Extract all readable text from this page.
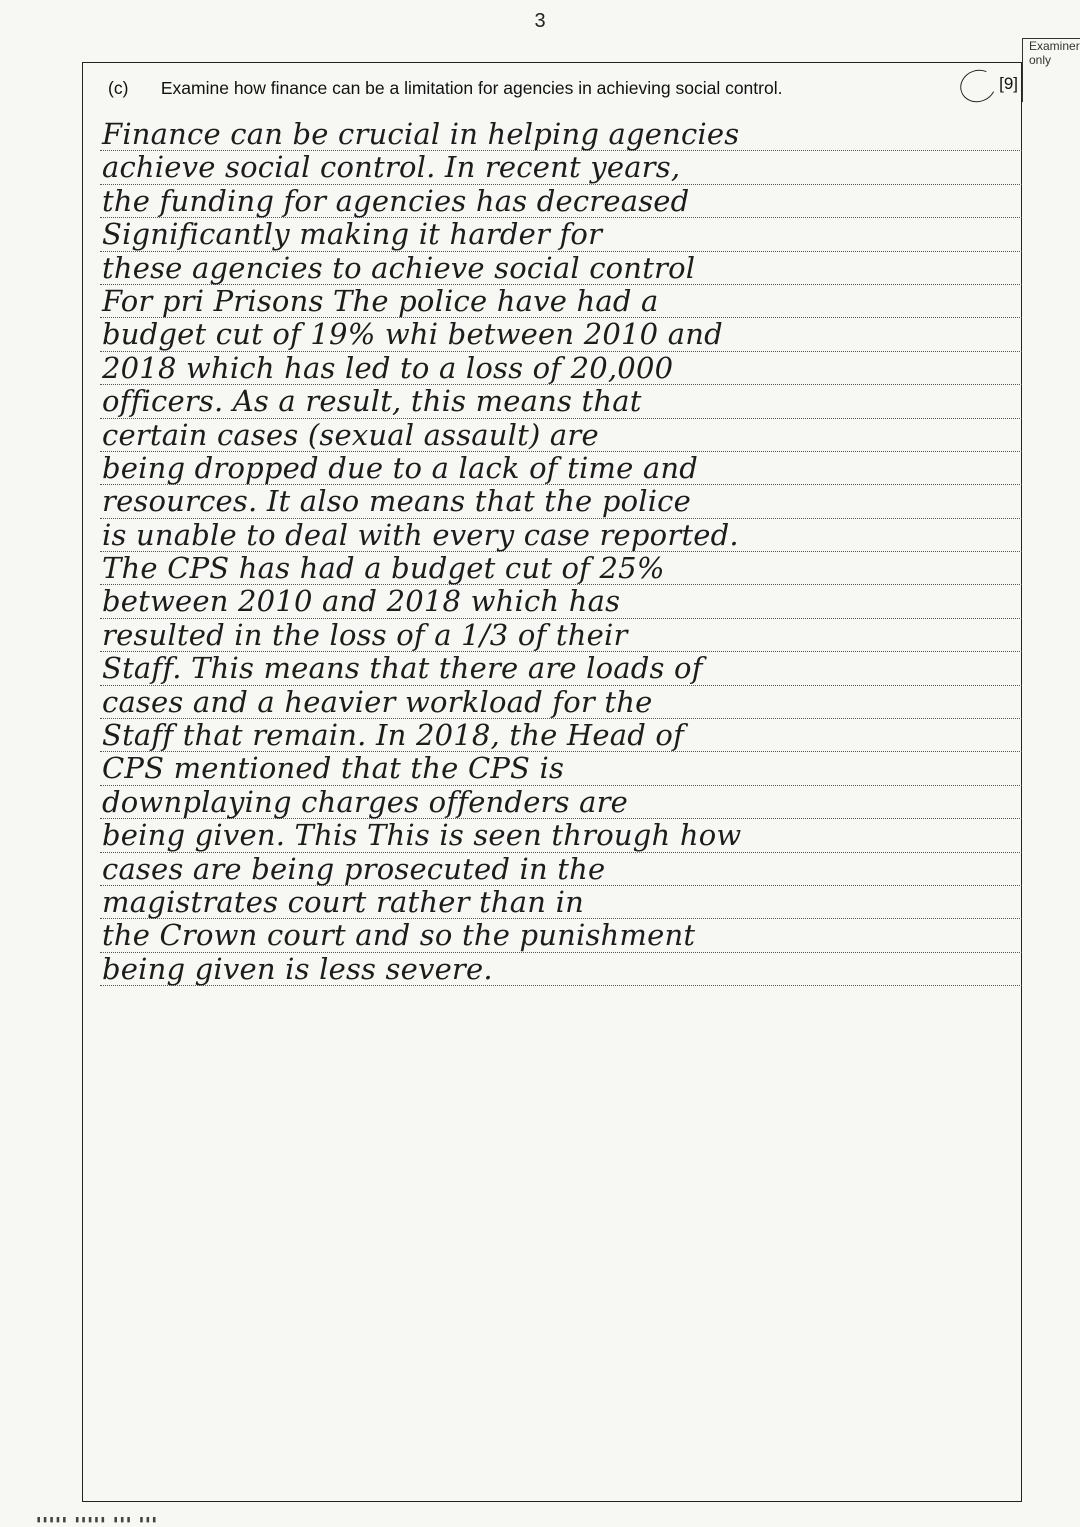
3
Examiner only
(c) Examine how finance can be a limitation for agencies in achieving social control.	[9]
Finance can be crucial in helping agencies
achieve social control. In recent years,
the funding for agencies has decreased
Significantly making it harder for
these agencies to achieve social control
For pri Prisons The police have had a
budget cut of 19% whi between 2010 and
2018 which has led to a loss of 20,000
officers. As a result, this means that
certain cases (sexual assault) are
being dropped due to a lack of time and
resources. It also means that the police
is unable to deal with every case reported.
The CPS has had a budget cut of 25%
between 2010 and 2018 which has
resulted in the loss of a 1/3 of their
Staff. This means that there are loads of
cases and a heavier workload for the
Staff that remain. In 2018, the Head of
CPS mentioned that the CPS is
downplaying charges offenders are
being given. This This is seen through how
cases are being prosecuted in the
magistrates court rather than in
the Crown court and so the punishment
being given is less severe.
▮▮▮▮▮ ▮▮▮▮▮ ▮▮▮ ▮▮▮
